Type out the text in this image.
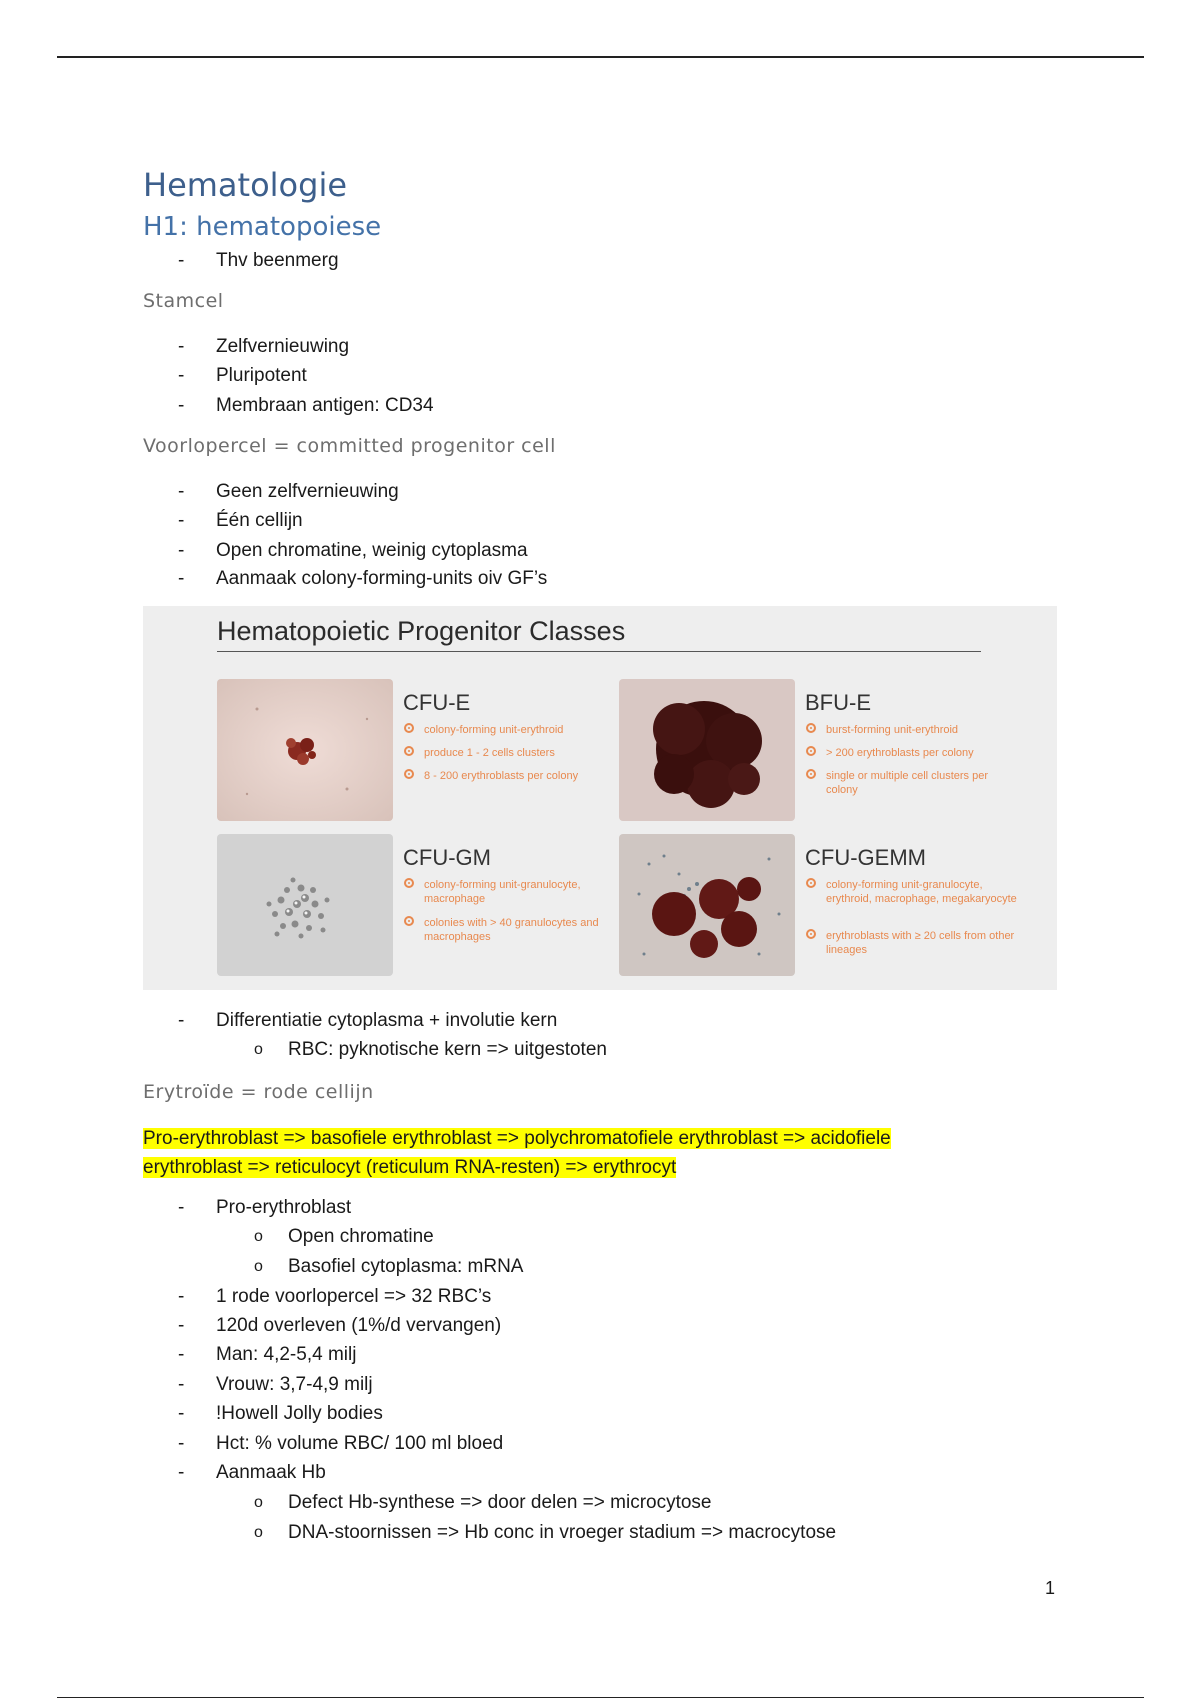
Hematologie
H1: hematopoiese
- Thv beenmerg
Stamcel
- Zelfvernieuwing
- Pluripotent
- Membraan antigen: CD34
Voorlopercel = committed progenitor cell
- Geen zelfvernieuwing
- Één cellijn
- Open chromatine, weinig cytoplasma
- Aanmaak colony-forming-units oiv GF’s
- Differentiatie cytoplasma + involutie kern
o RBC: pyknotische kern => uitgestoten
Erytroïde = rode cellijn
Pro-erythroblast => basofiele erythroblast => polychromatofiele erythroblast => acidofiele
erythroblast => reticulocyt (reticulum RNA-resten) => erythrocyt
- Pro-erythroblast
o Open chromatine
o Basofiel cytoplasma: mRNA
- 1 rode voorlopercel => 32 RBC’s
- 120d overleven (1%/d vervangen)
- Man: 4,2-5,4 milj
- Vrouw: 3,7-4,9 milj
- !Howell Jolly bodies
- Hct: % volume RBC/ 100 ml bloed
- Aanmaak Hb
o Defect Hb-synthese => door delen => microcytose
o DNA-stoornissen => Hb conc in vroeger stadium => macrocytose
Hematopoietic Progenitor Classes
CFU-E
colony-forming unit-erythroid
produce 1 - 2 cells clusters
8 - 200 erythroblasts per colony
BFU-E
burst-forming unit-erythroid
> 200 erythroblasts per colony
single or multiple cell clusters per colony
CFU-GM
colony-forming unit-granulocyte, macrophage
colonies with > 40 granulocytes and macrophages
CFU-GEMM
colony-forming unit-granulocyte, erythroid, macrophage, megakaryocyte
erythroblasts with ≥ 20 cells from other lineages
1
